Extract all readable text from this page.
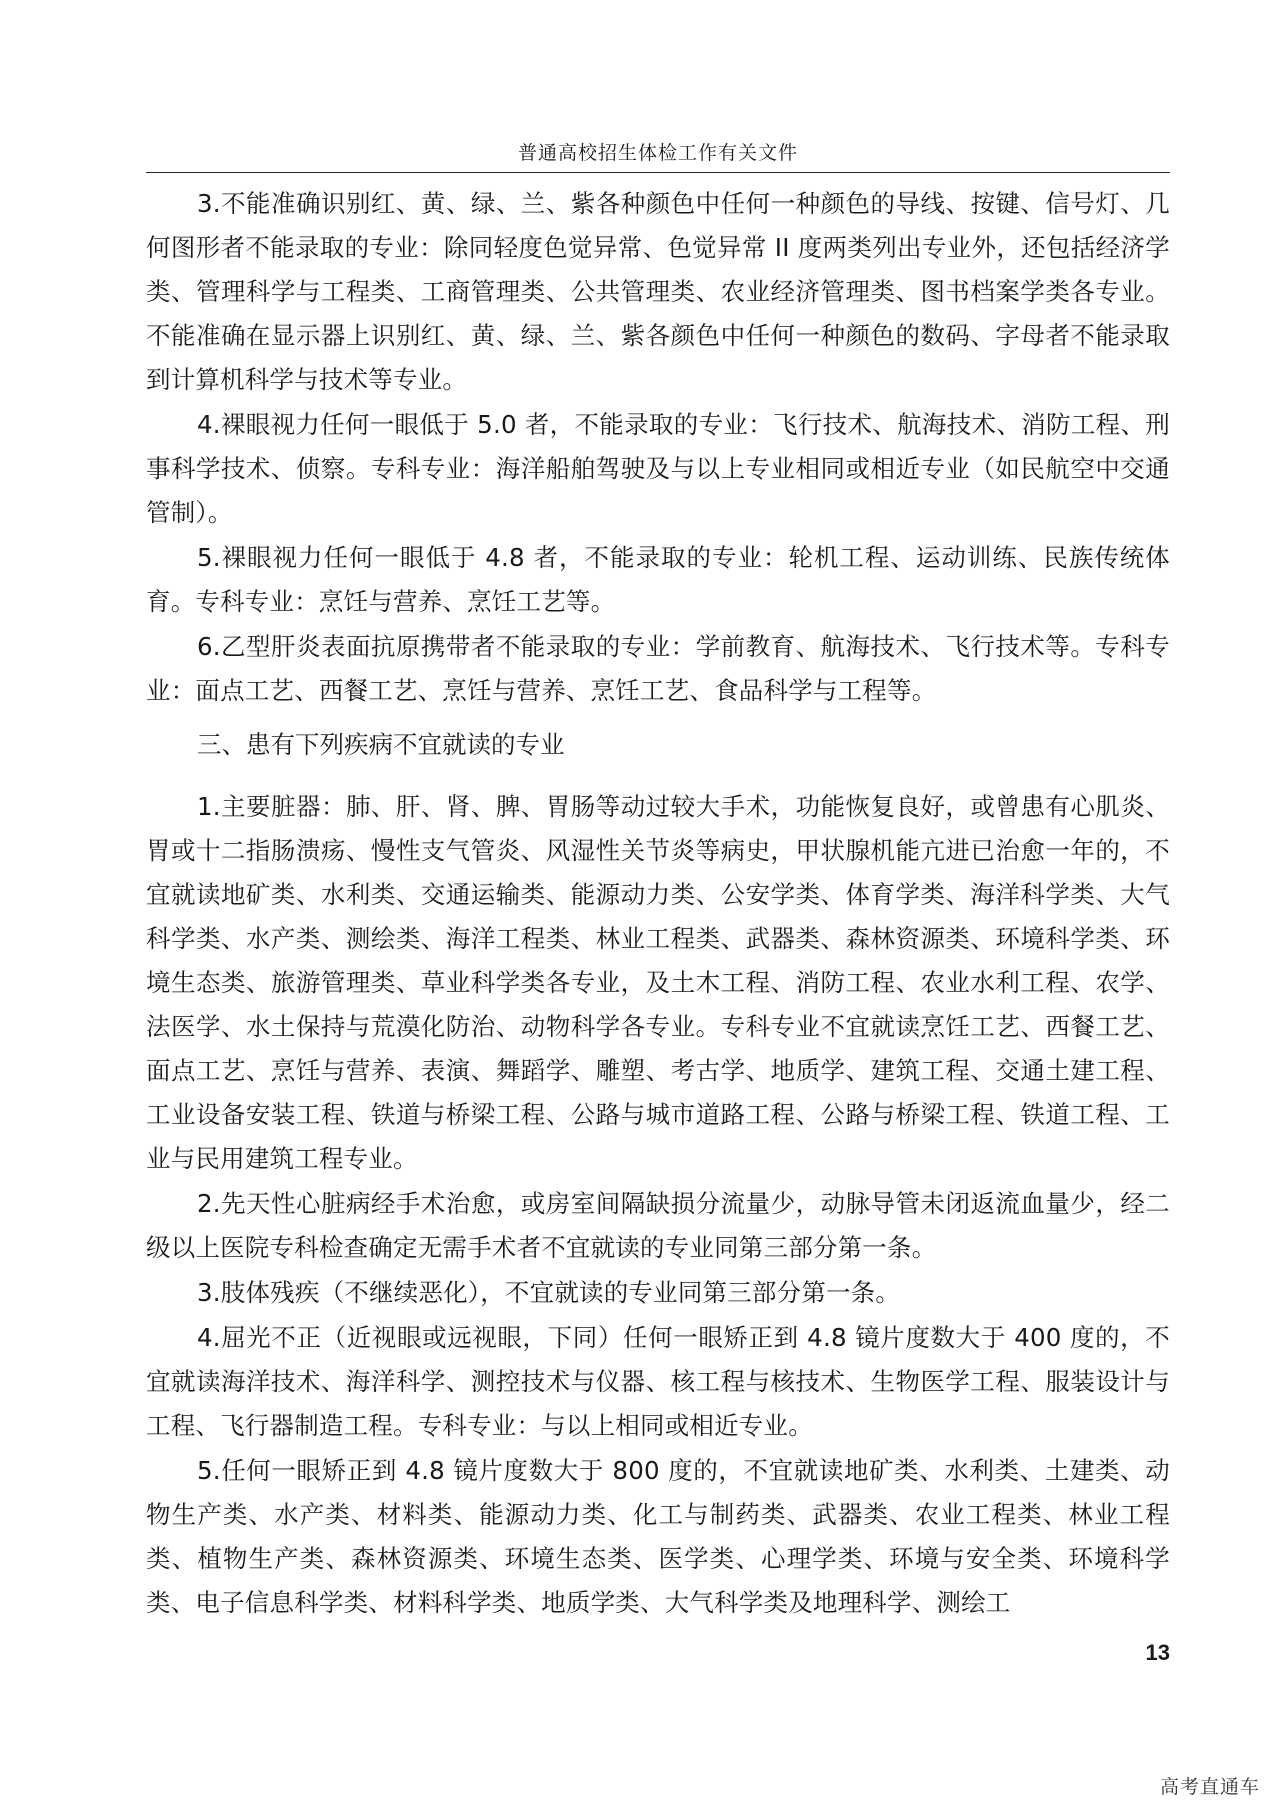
普通高校招生体检工作有关文件

3.不能准确识别红、黄、绿、兰、紫各种颜色中任何一种颜色的导线、按键、信号灯、几何图形者不能录取的专业：除同轻度色觉异常、色觉异常 II 度两类列出专业外，还包括经济学类、管理科学与工程类、工商管理类、公共管理类、农业经济管理类、图书档案学类各专业。不能准确在显示器上识别红、黄、绿、兰、紫各颜色中任何一种颜色的数码、字母者不能录取到计算机科学与技术等专业。

4.裸眼视力任何一眼低于 5.0 者，不能录取的专业：飞行技术、航海技术、消防工程、刑事科学技术、侦察。专科专业：海洋船舶驾驶及与以上专业相同或相近专业（如民航空中交通管制）。

5.裸眼视力任何一眼低于 4.8 者，不能录取的专业：轮机工程、运动训练、民族传统体育。专科专业：烹饪与营养、烹饪工艺等。

6.乙型肝炎表面抗原携带者不能录取的专业：学前教育、航海技术、飞行技术等。专科专业：面点工艺、西餐工艺、烹饪与营养、烹饪工艺、食品科学与工程等。

三、患有下列疾病不宜就读的专业

1.主要脏器：肺、肝、肾、脾、胃肠等动过较大手术，功能恢复良好，或曾患有心肌炎、胃或十二指肠溃疡、慢性支气管炎、风湿性关节炎等病史，甲状腺机能亢进已治愈一年的，不宜就读地矿类、水利类、交通运输类、能源动力类、公安学类、体育学类、海洋科学类、大气科学类、水产类、测绘类、海洋工程类、林业工程类、武器类、森林资源类、环境科学类、环境生态类、旅游管理类、草业科学类各专业，及土木工程、消防工程、农业水利工程、农学、法医学、水土保持与荒漠化防治、动物科学各专业。专科专业不宜就读烹饪工艺、西餐工艺、面点工艺、烹饪与营养、表演、舞蹈学、雕塑、考古学、地质学、建筑工程、交通土建工程、工业设备安装工程、铁道与桥梁工程、公路与城市道路工程、公路与桥梁工程、铁道工程、工业与民用建筑工程专业。

2.先天性心脏病经手术治愈，或房室间隔缺损分流量少，动脉导管未闭返流血量少，经二级以上医院专科检查确定无需手术者不宜就读的专业同第三部分第一条。

3.肢体残疾（不继续恶化），不宜就读的专业同第三部分第一条。

4.屈光不正（近视眼或远视眼，下同）任何一眼矫正到 4.8 镜片度数大于 400 度的，不宜就读海洋技术、海洋科学、测控技术与仪器、核工程与核技术、生物医学工程、服装设计与工程、飞行器制造工程。专科专业：与以上相同或相近专业。

5.任何一眼矫正到 4.8 镜片度数大于 800 度的，不宜就读地矿类、水利类、土建类、动物生产类、水产类、材料类、能源动力类、化工与制药类、武器类、农业工程类、林业工程类、植物生产类、森林资源类、环境生态类、医学类、心理学类、环境与安全类、环境科学类、电子信息科学类、材料科学类、地质学类、大气科学类及地理科学、测绘工

13
高考直通车
